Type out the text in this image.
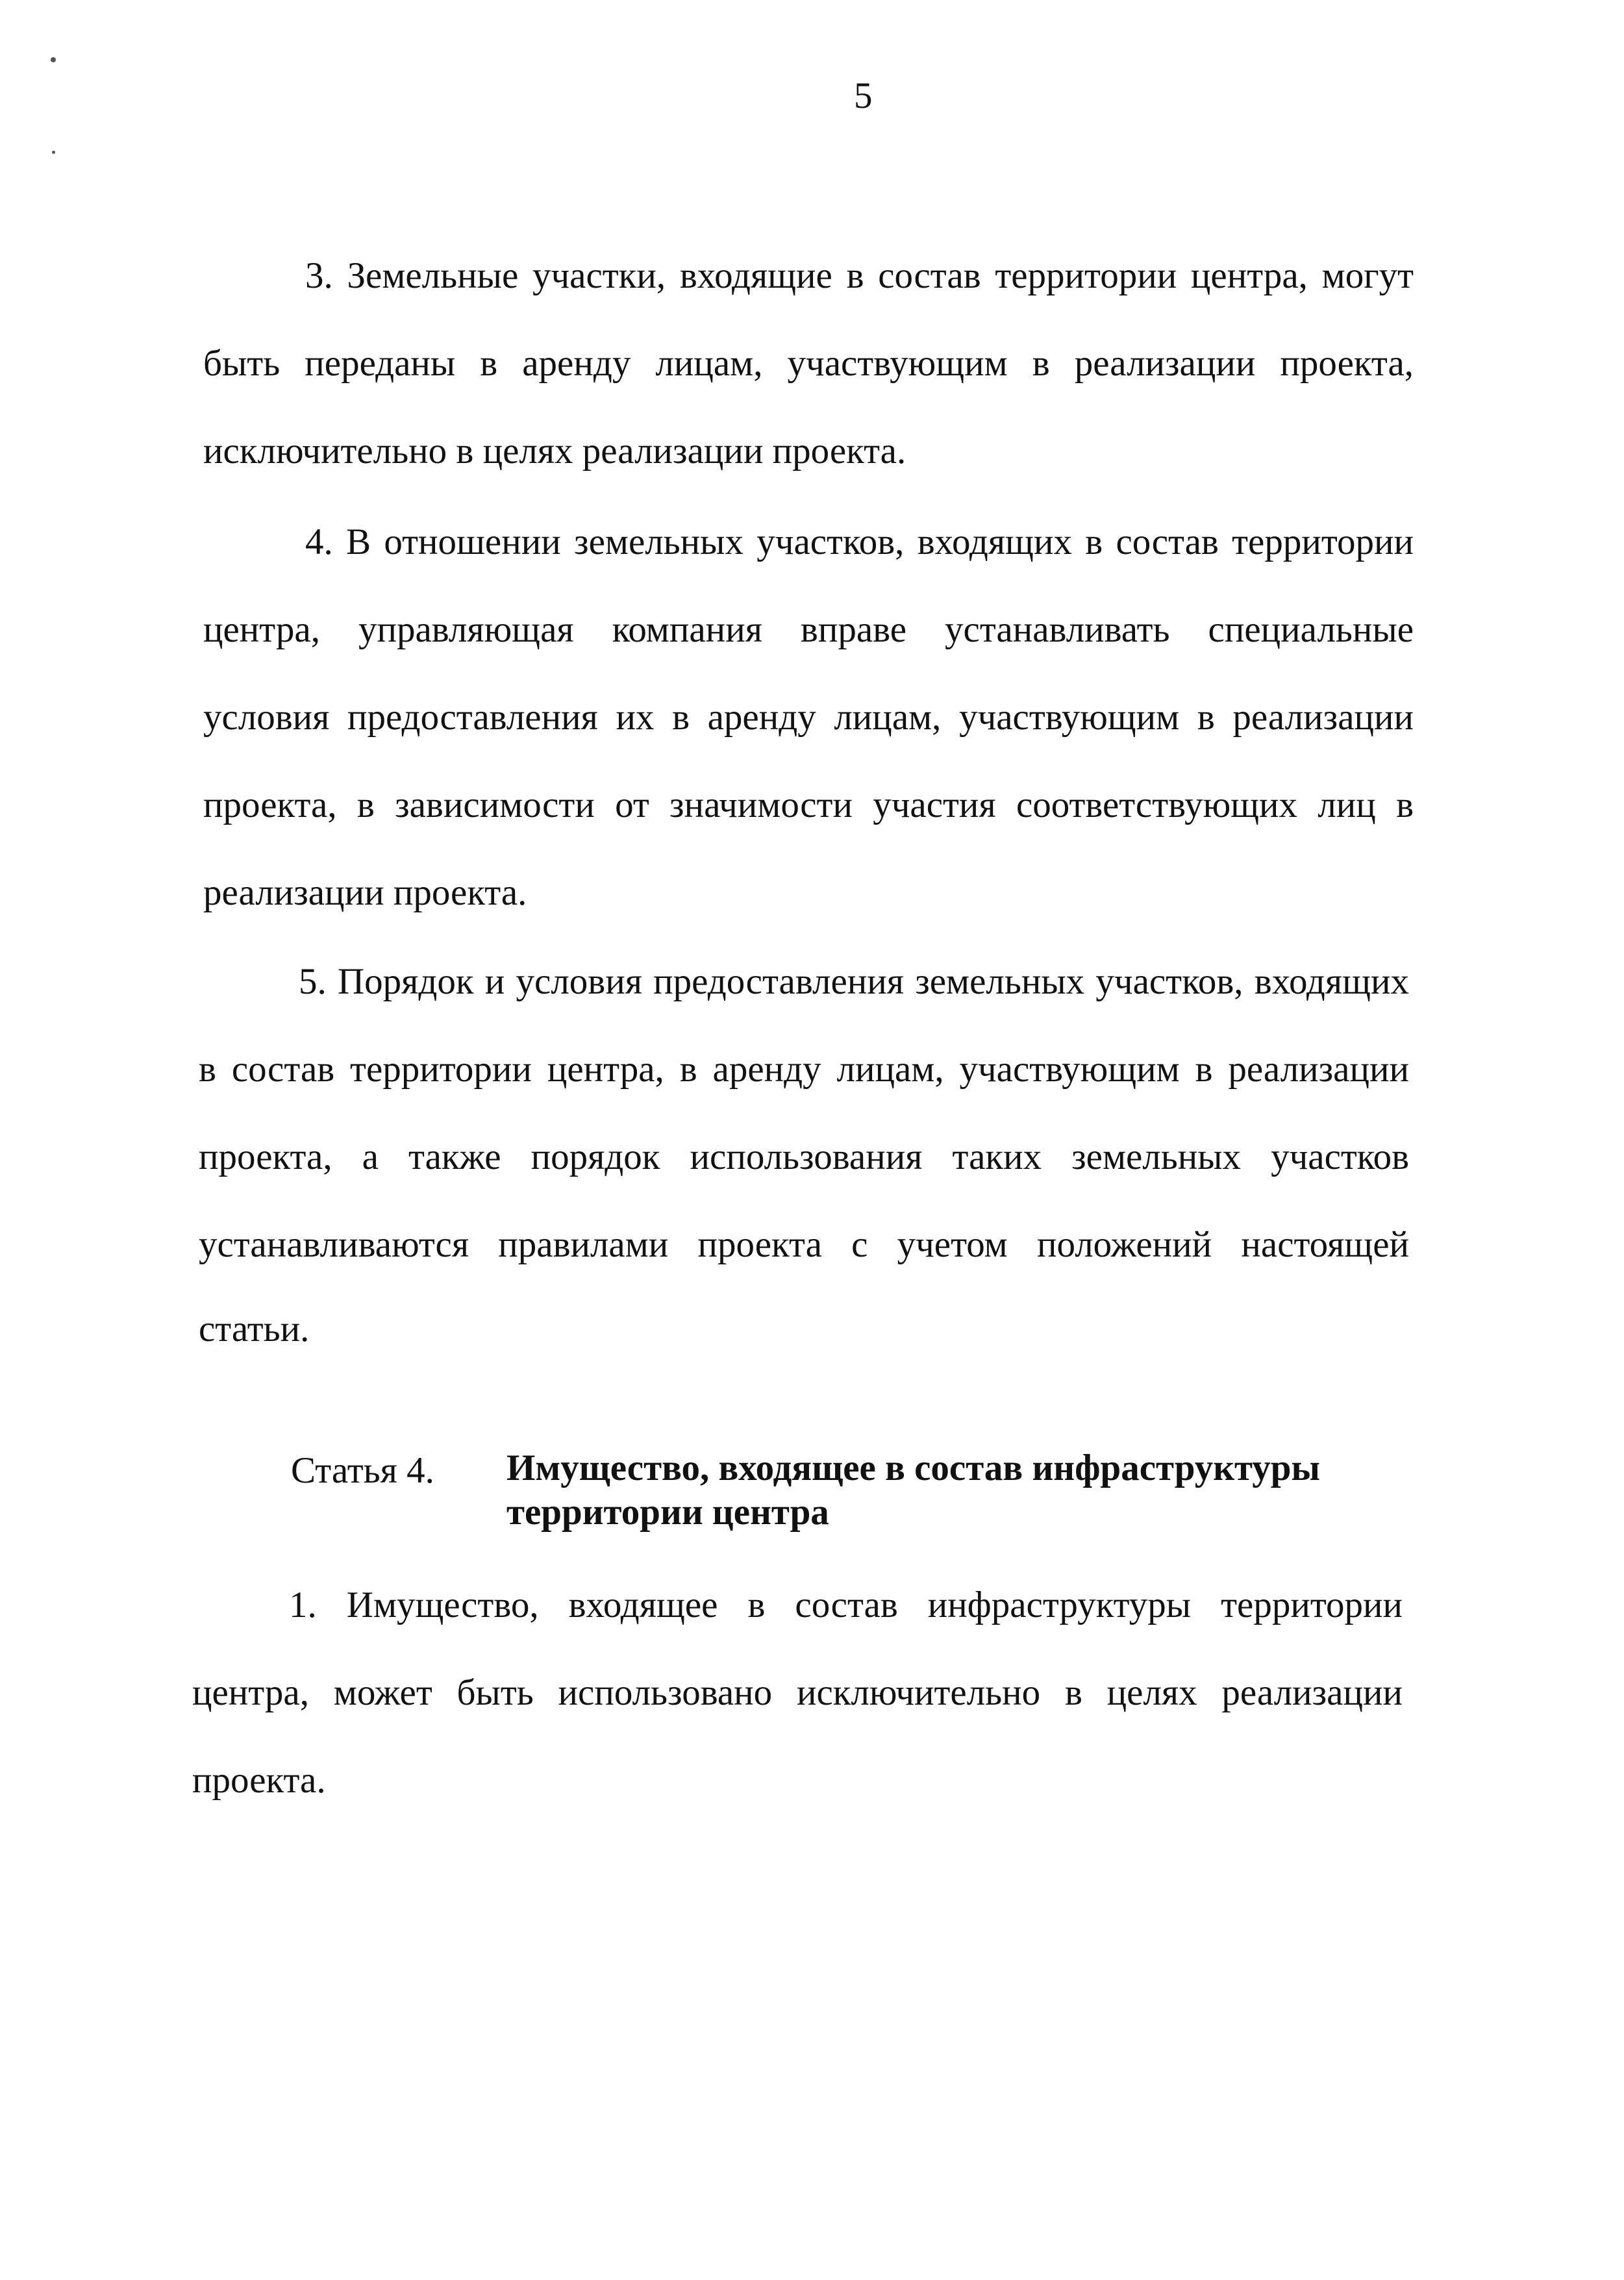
5
3. Земельные участки, входящие в состав территории центра, могут
быть переданы в аренду лицам, участвующим в реализации проекта,
исключительно в целях реализации проекта.
4. В отношении земельных участков, входящих в состав территории
центра, управляющая компания вправе устанавливать специальные
условия предоставления их в аренду лицам, участвующим в реализации
проекта, в зависимости от значимости участия соответствующих лиц в
реализации проекта.
5. Порядок и условия предоставления земельных участков, входящих
в состав территории центра, в аренду лицам, участвующим в реализации
проекта, а также порядок использования таких земельных участков
устанавливаются правилами проекта с учетом положений настоящей
статьи.
Статья 4. Имущество, входящее в состав инфраструктуры
территории центра
1. Имущество, входящее в состав инфраструктуры территории
центра, может быть использовано исключительно в целях реализации
проекта.
